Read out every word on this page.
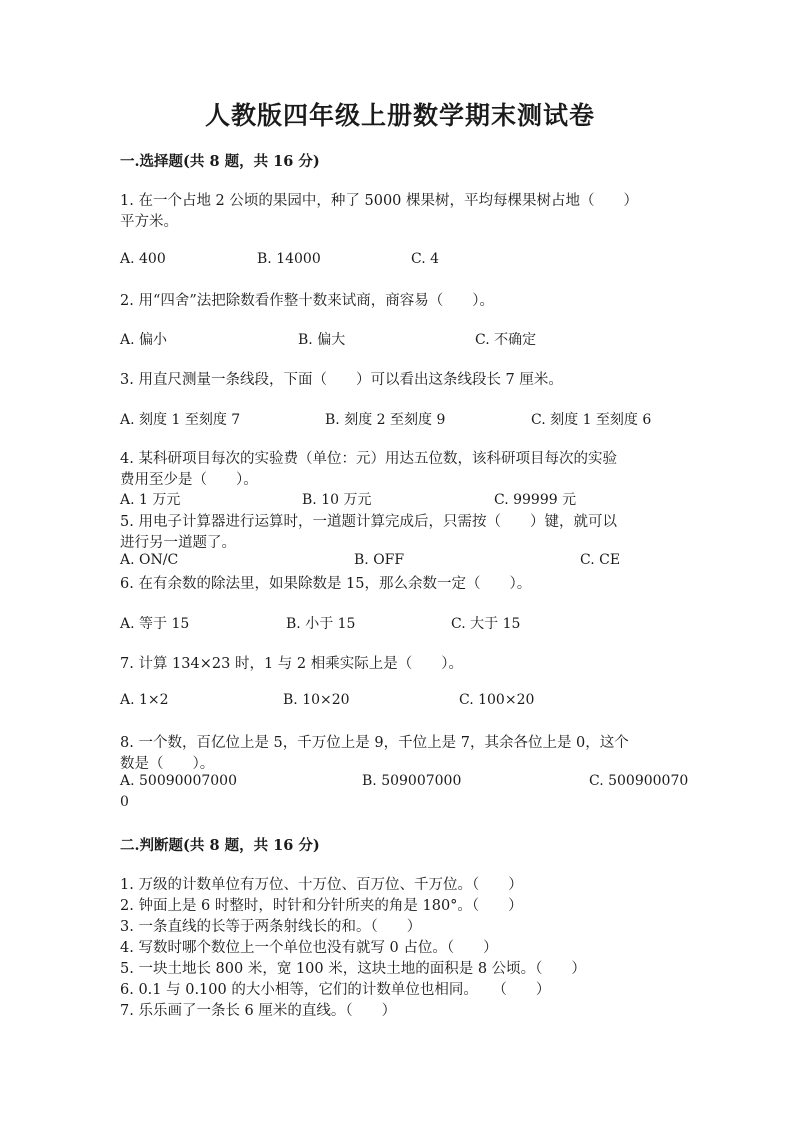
人教版四年级上册数学期末测试卷
一.选择题(共 8 题，共 16 分)
1. 在一个占地 2 公顷的果园中，种了 5000 棵果树，平均每棵果树占地（　　）
平方米。
A. 400	B. 14000	C. 4
2. 用“四舍”法把除数看作整十数来试商，商容易（　　）。
A. 偏小	B. 偏大	C. 不确定
3. 用直尺测量一条线段，下面（　　）可以看出这条线段长 7 厘米。
A. 刻度 1 至刻度 7	B. 刻度 2 至刻度 9	C. 刻度 1 至刻度 6
4. 某科研项目每次的实验费（单位：元）用达五位数，该科研项目每次的实验
费用至少是（　　）。
A. 1 万元	B. 10 万元	C. 99999 元
5. 用电子计算器进行运算时，一道题计算完成后，只需按（　　）键，就可以
进行另一道题了。
A. ON/C	B. OFF	C. CE
6. 在有余数的除法里，如果除数是 15，那么余数一定（　　）。
A. 等于 15	B. 小于 15	C. 大于 15
7. 计算 134×23 时，1 与 2 相乘实际上是（　　）。
A. 1×2	B. 10×20	C. 100×20
8. 一个数，百亿位上是 5，千万位上是 9，千位上是 7，其余各位上是 0，这个
数是（　　）。
A. 50090007000	B. 509007000	C. 500900070
0
二.判断题(共 8 题，共 16 分)
1. 万级的计数单位有万位、十万位、百万位、千万位。（　　）
2. 钟面上是 6 时整时，时针和分针所夹的角是 180°。（　　）
3. 一条直线的长等于两条射线长的和。（　　）
4. 写数时哪个数位上一个单位也没有就写 0 占位。（　　）
5. 一块土地长 800 米，宽 100 米，这块土地的面积是 8 公顷。（　　）
6. 0.1 与 0.100 的大小相等，它们的计数单位也相同。　　（　　）
7. 乐乐画了一条长 6 厘米的直线。（　　）
